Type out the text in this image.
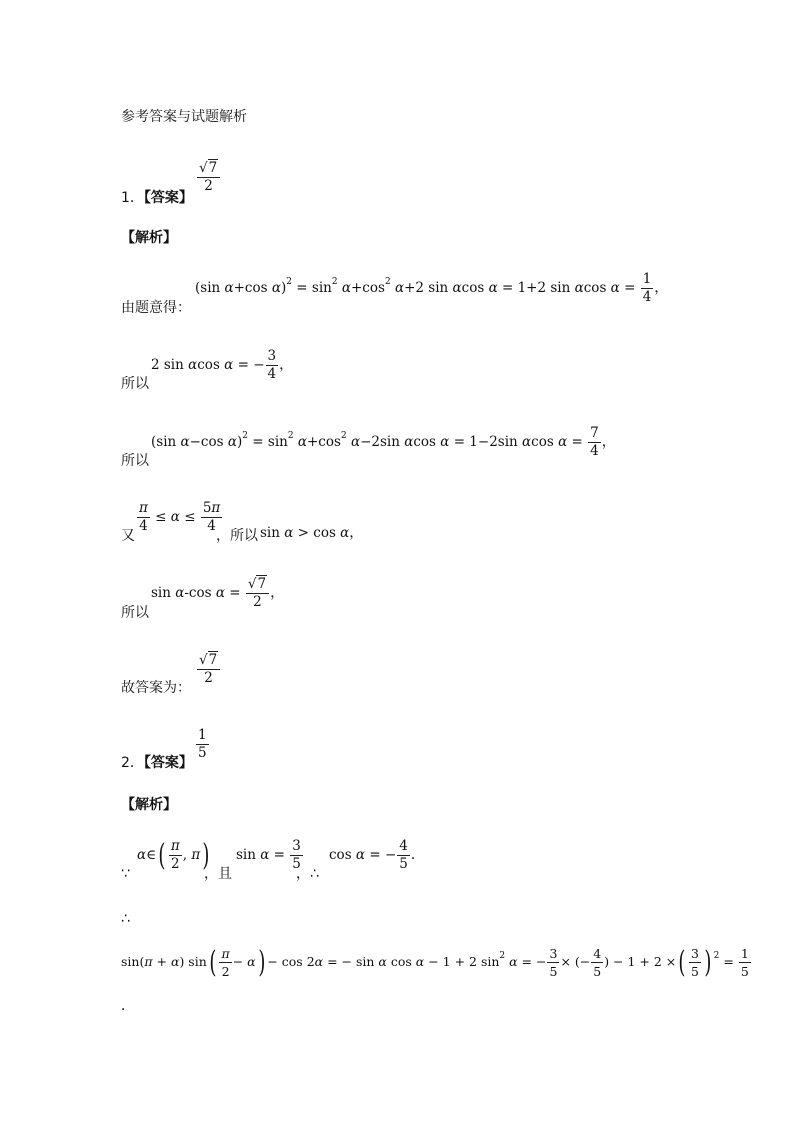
参考答案与试题解析
1．【答案】
$\frac{√7}{2}$
【解析】
由题意得：
(sin α+cos $\alpha)^2 = \sin^2 \alpha+\cos^2$ α+2 sin αcos α = 1+2 sin αcos $\alpha = \frac{1}{4}$ ，
所以
2 sin αcos α = − $\frac{3}{4}$ ，
所以
(sin α−cos $\alpha)^2 = \sin^2 \alpha+\cos^2$ α−2sin αcos α = 1−2sin αcos $\alpha = \frac{7}{4}$ ，
又
$\frac{\pi}{4} \le \alpha \le \frac{5\pi}{4}$
，所以 sin α > cos α，
所以
sin α-cos $\alpha = \frac{√7}{2}$ ，
故答案为：
$\frac{√7}{2}$
2．【答案】
$\frac{1}{5}$
【解析】
∵
α∈( $\frac{\pi}{2}$ , π)
，且
$\sin \alpha = \frac{3}{5}$
，∴
cos α = − $\frac{4}{5}$ ．
∴
sin(π + α) $\sin( \frac{\pi}{2} - \alpha) - \cos 2\alpha$ = − sin α cos α − 1 + 2 $\sin^2 \alpha$ = − $\frac{3}{5}$ × (− $\frac{4}{5}$ ) − 1 + 2 ×( $\frac{3}{5}$ ) $^2 = \frac{1}{5}$
．
